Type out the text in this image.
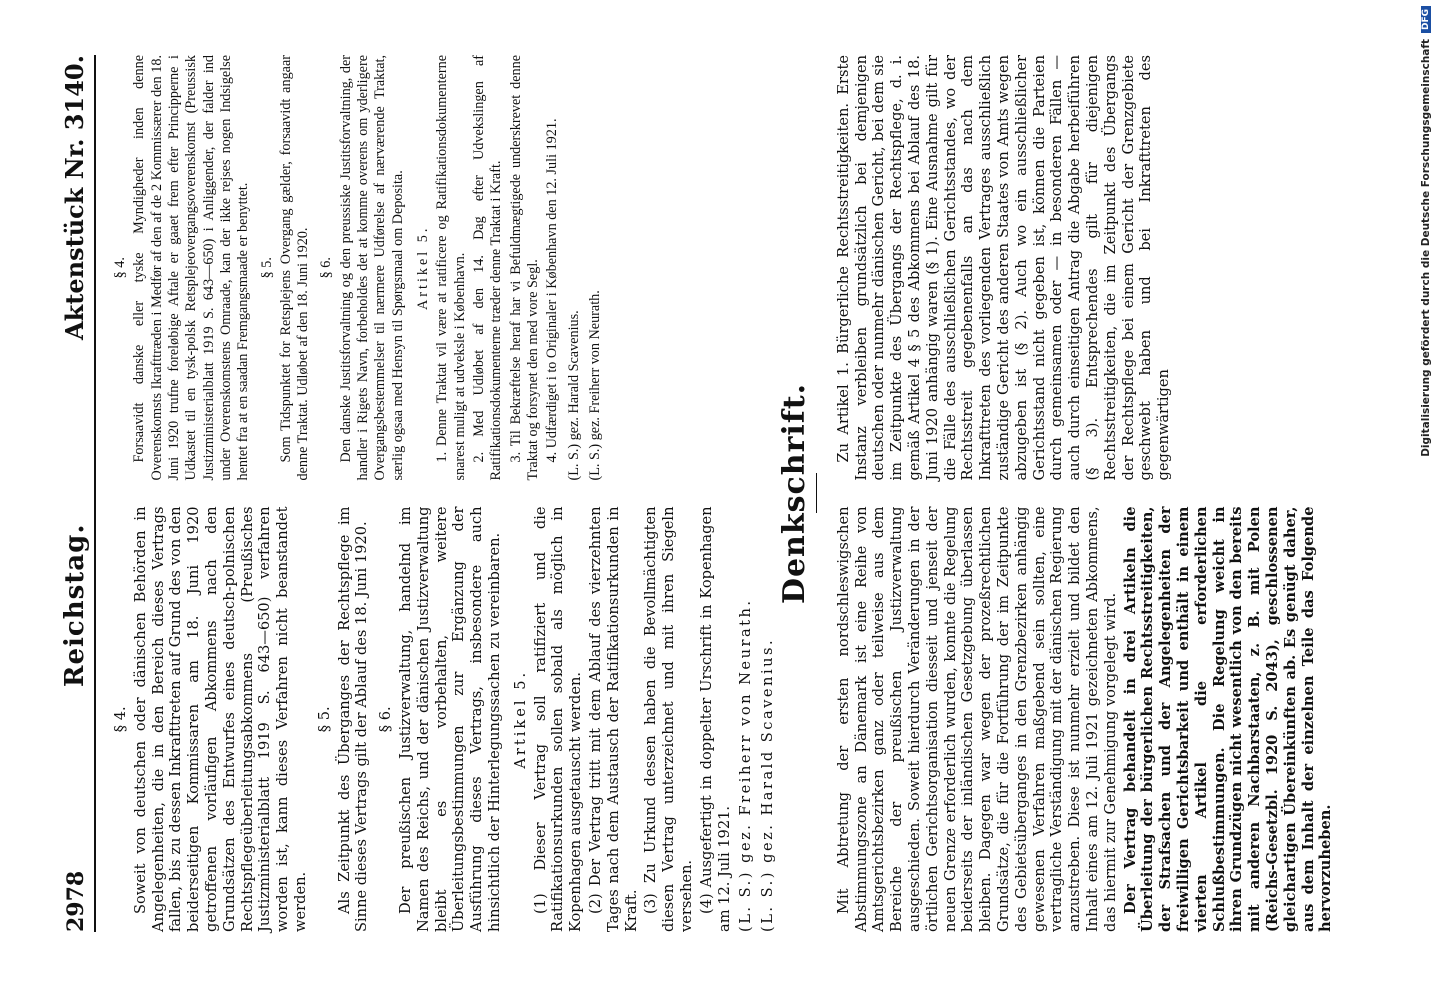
2978
Reichstag.
Aktenstück Nr. 3140.
§ 4. Soweit von deutschen oder dänischen Behörden in Angelegenheiten, die in den Bereich dieses Vertrags fallen, bis zu dessen Inkrafttreten auf Grund des von den beiderseitigen Kommissaren am 18. Juni 1920 getroffenen vorläufigen Abkommens nach den Grundsätzen des Entwurfes eines deutsch-polnischen Rechtspflegeüberleitungsabkommens (Preußisches Justizministerialblatt 1919 S. 643—650) verfahren worden ist, kann dieses Verfahren nicht beanstandet werden.

§ 5. Als Zeitpunkt des Überganges der Rechtspflege im Sinne dieses Vertrags gilt der Ablauf des 18. Juni 1920. § 6. Der preußischen Justizverwaltung, handelnd im Namen des Reichs, und der dänischen Justizverwaltung bleibt es vorbehalten, weitere Überleitungsbestimmungen zur Ergänzung der Ausführung dieses Vertrags, insbesondere auch hinsichtlich der Hinterlegungssachen zu vereinbaren. Artikel 5. (1) Dieser Vertrag soll ratifiziert und die Ratifikationsurkunden sollen sobald als möglich in Kopenhagen ausgetauscht werden. (2) Der Vertrag tritt mit dem Ablauf des vierzehnten Tages nach dem Austausch der Ratifikationsurkunden in Kraft. (3) Zu Urkund dessen haben die Bevollmächtigten diesen Vertrag unterzeichnet und mit ihren Siegeln versehen. (4) Ausgefertigt in doppelter Urschrift in Kopenhagen am 12. Juli 1921. (L. S.) gez. Freiherr von Neurath. (L. S.) gez. Harald Scavenius.
§ 4. Forsaavidt danske eller tyske Myndigheder inden denne Overenskomsts Ikrafttræden i Medfør af den af de 2 Kommissærer den 18. Juni 1920 trufne foreløbige Aftale er gaaet frem efter Principperne i Udkastet til en tysk-polsk Retsplejeovergangsoverenskomst (Preussisk Justizministerialblatt 1919 S. 643—650) i Anliggender, der falder ind under Overenskomstens Omraade, kan der ikke rejses nogen Indsigelse hentet fra at en saadan Fremgangsmaade er benyttet. § 5. Som Tidspunktet for Retsplejens Overgang gælder, forsaavidt angaar denne Traktat. Udløbet af den 18. Juni 1920. § 6. Den danske Justitsforvaltning og den preussiske Justitsforvaltning, der handler i Rigets Navn, forbeholdes det at komme overens om yderligere Overgangsbestemmelser til nærmere Udførelse af nærværende Traktat, særlig ogsaa med Hensyn til Spørgsmaal om Deposita. Artikel 5. 1. Denne Traktat vil være at ratificere og Ratifikationsdokumenterne snarest muligt at udveksle i København. 2. Med Udløbet af den 14. Dag efter Udvekslingen af Ratifikationsdokumenterne træder denne Traktat i Kraft. 3. Til Bekræftelse heraf har vi Befuldmægtigede underskrevet denne Traktat og forsynet den med vore Segl. 4. Udfærdiget i to Originaler i København den 12. Juli 1921. (L. S.) gez. Harald Scavenius. (L. S.) gez. Freiherr von Neurath.	Denkschrift.

Mit Abtretung der ersten nordschleswigschen Abstimmungszone an Dänemark ist eine Reihe von Amtsgerichtsbezirken ganz oder teilweise aus dem Bereiche der preußischen Justizverwaltung ausgeschieden. Soweit hierdurch Veränderungen in der örtlichen Gerichtsorganisation diesseit und jenseit der neuen Grenze erforderlich wurden, konnte die Regelung beiderseits der inländischen Gesetzgebung überlassen bleiben. Dagegen war wegen der prozeßrechtlichen Grundsätze, die für die Fortführung der im Zeitpunkte des Gebietsüberganges in den Grenzbezirken anhängig gewesenen Verfahren maßgebend sein sollten, eine vertragliche Verständigung mit der dänischen Regierung anzustreben. Diese ist nunmehr erzielt und bildet den Inhalt eines am 12. Juli 1921 gezeichneten Abkommens, das hiermit zur Genehmigung vorgelegt wird. Der Vertrag behandelt in drei Artikeln die Überleitung der bürgerlichen Rechtsstreitigkeiten, der Strafsachen und der Angelegenheiten der freiwilligen Gerichtsbarkeit und enthält in einem vierten Artikel die erforderlichen Schlußbestimmungen. Die Regelung weicht in ihren Grundzügen nicht wesentlich von den bereits mit anderen Nachbarstaaten, z. B. mit Polen (Reichs-Gesetzbl. 1920 S. 2043), geschlossenen gleichartigen Übereinkünften ab. Es genügt daher, aus dem Inhalt der einzelnen Teile das Folgende hervorzuheben.

Zu Artikel 1. Bürgerliche Rechtsstreitigkeiten. Erste Instanz verbleiben grundsätzlich bei demjenigen deutschen oder nunmehr dänischen Gericht, bei dem sie im Zeitpunkte des Übergangs der Rechtspflege, d. i. gemäß Artikel 4 § 5 des Abkommens bei Ablauf des 18. Juni 1920 anhängig waren (§ 1). Eine Ausnahme gilt für die Fälle des ausschließlichen Gerichtsstandes, wo der Rechtsstreit gegebenenfalls an das nach dem Inkrafttreten des vorliegenden Vertrages ausschließlich zuständige Gericht des anderen Staates von Amts wegen abzugeben ist (§ 2). Auch wo ein ausschließlicher Gerichtsstand nicht gegeben ist, können die Parteien durch gemeinsamen oder — in besonderen Fällen — auch durch einseitigen Antrag die Abgabe herbeiführen (§ 3). Entsprechendes gilt für diejenigen Rechtsstreitigkeiten, die im Zeitpunkt des Übergangs der Rechtspflege bei einem Gericht der Grenzgebiete geschwebt haben und bei Inkrafttreten des gegenwärtigen	Digitalisierung gefördert durch die Deutsche Forschungsgemeinschaft
DFG
